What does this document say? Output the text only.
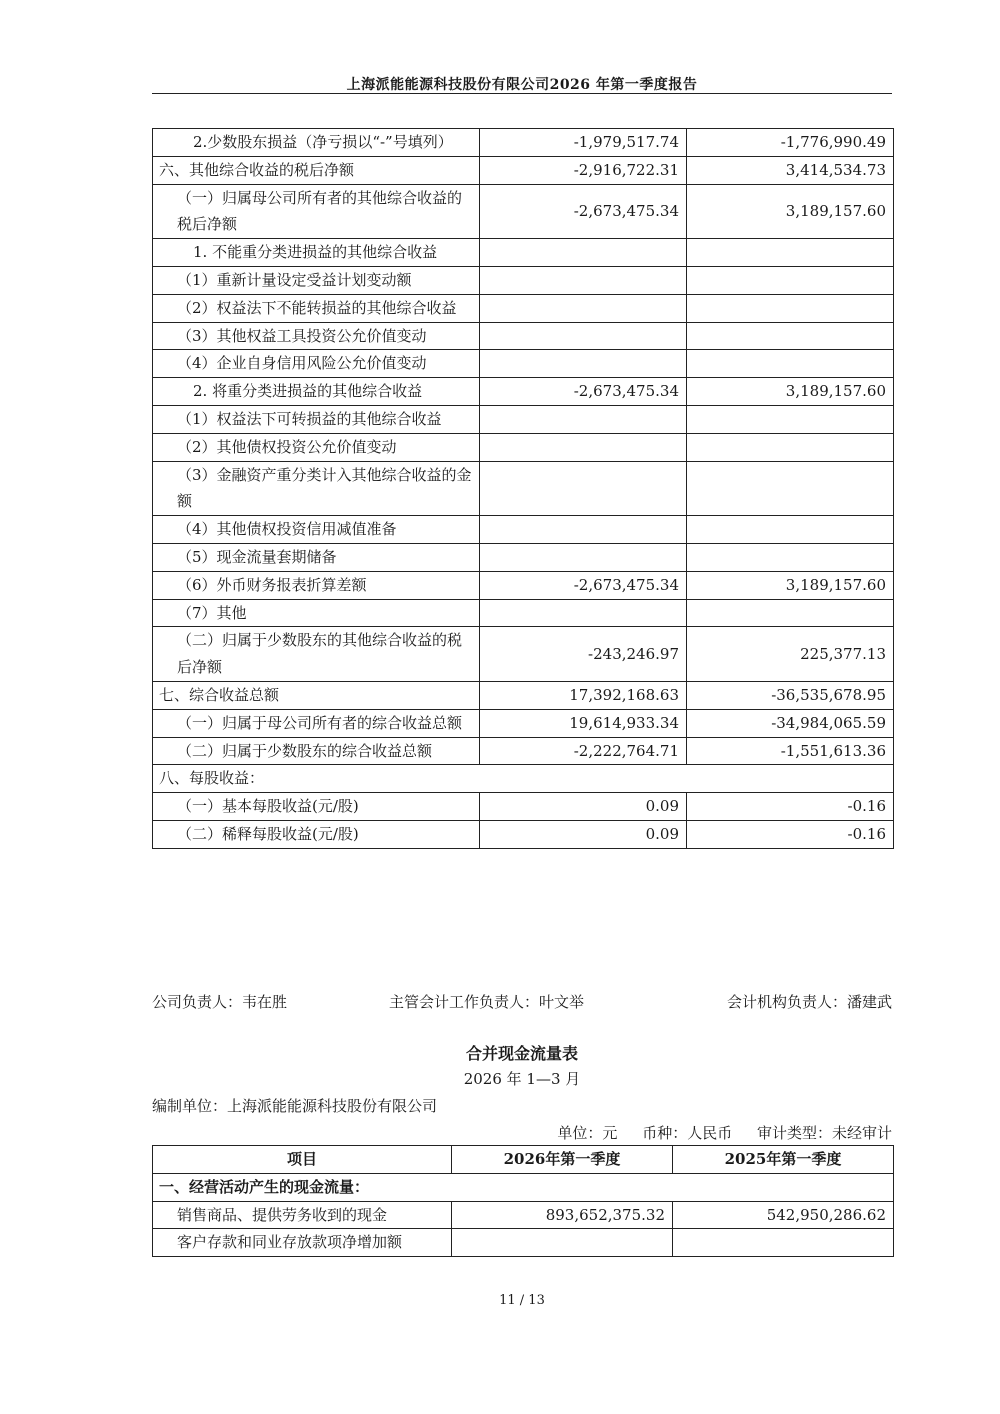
上海派能能源科技股份有限公司2026 年第一季度报告
2.少数股东损益（净亏损以“-”号填列）	-1,979,517.74	-1,776,990.49
六、其他综合收益的税后净额	-2,916,722.31	3,414,534.73
（一）归属母公司所有者的其他综合收益的税后净额	-2,673,475.34	3,189,157.60
1. 不能重分类进损益的其他综合收益		
（1）重新计量设定受益计划变动额		
（2）权益法下不能转损益的其他综合收益		
（3）其他权益工具投资公允价值变动		
（4）企业自身信用风险公允价值变动		
2. 将重分类进损益的其他综合收益	-2,673,475.34	3,189,157.60
（1）权益法下可转损益的其他综合收益		
（2）其他债权投资公允价值变动		
（3）金融资产重分类计入其他综合收益的金额		
（4）其他债权投资信用减值准备		
（5）现金流量套期储备		
（6）外币财务报表折算差额	-2,673,475.34	3,189,157.60
（7）其他		
（二）归属于少数股东的其他综合收益的税后净额	-243,246.97	225,377.13
七、综合收益总额	17,392,168.63	-36,535,678.95
（一）归属于母公司所有者的综合收益总额	19,614,933.34	-34,984,065.59
（二）归属于少数股东的综合收益总额	-2,222,764.71	-1,551,613.36
八、每股收益：		
（一）基本每股收益(元/股)	0.09	-0.16
（二）稀释每股收益(元/股)	0.09	-0.16
公司负责人：韦在胜	主管会计工作负责人：叶文举	会计机构负责人：潘建武
合并现金流量表
2026 年 1—3 月
编制单位：上海派能能源科技股份有限公司
单位：元 币种：人民币 审计类型：未经审计
项目	2026年第一季度	2025年第一季度
一、经营活动产生的现金流量：		
销售商品、提供劳务收到的现金	893,652,375.32	542,950,286.62
客户存款和同业存放款项净增加额		
11 / 13
